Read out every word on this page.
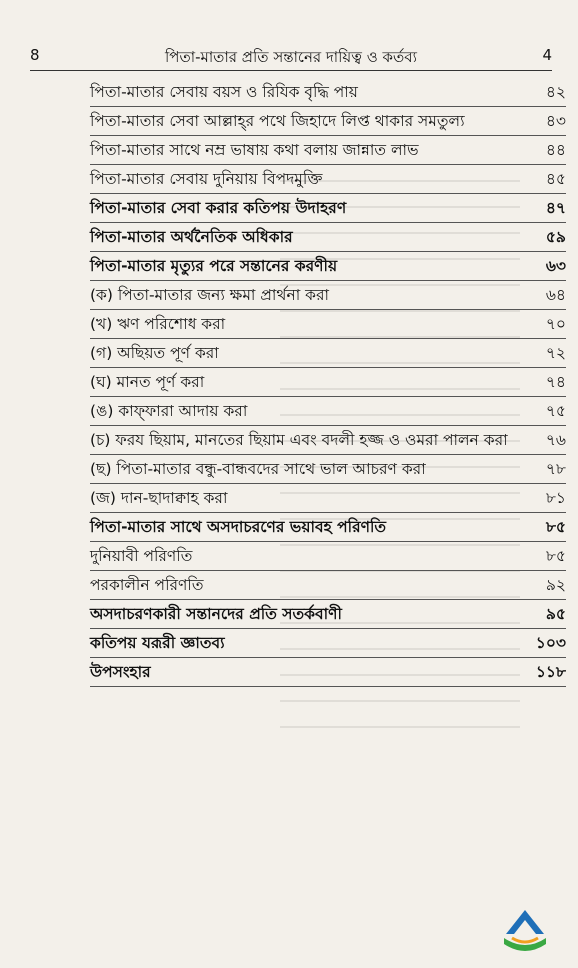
8	পিতা-মাতার প্রতি সন্তানের দায়িত্ব ও কর্তব্য	4
পিতা-মাতার সেবায় বয়স ও রিযিক বৃদ্ধি পায়	৪২
পিতা-মাতার সেবা আল্লাহ্‌র পথে জিহাদে লিপ্ত থাকার সমতুল্য	৪৩
পিতা-মাতার সাথে নম্র ভাষায় কথা বলায় জান্নাত লাভ	৪৪
পিতা-মাতার সেবায় দুনিয়ায় বিপদমুক্তি	৪৫
পিতা-মাতার সেবা করার কতিপয় উদাহরণ	৪৭
পিতা-মাতার অর্থনৈতিক অধিকার	৫৯
পিতা-মাতার মৃত্যুর পরে সন্তানের করণীয়	৬৩
(ক) পিতা-মাতার জন্য ক্ষমা প্রার্থনা করা	৬৪
(খ) ঋণ পরিশোধ করা	৭০
(গ) অছিয়ত পূর্ণ করা	৭২
(ঘ) মানত পূর্ণ করা	৭৪
(ঙ) কাফ্‌ফারা আদায় করা	৭৫
(চ) ফরয ছিয়াম, মানতের ছিয়াম এবং বদলী হজ্জ ও ওমরা পালন করা	৭৬
(ছ) পিতা-মাতার বন্ধু-বান্ধবদের সাথে ভাল আচরণ করা	৭৮
(জ) দান-ছাদাক্বাহ করা	৮১
পিতা-মাতার সাথে অসদাচরণের ভয়াবহ পরিণতি	৮৫
দুনিয়াবী পরিণতি	৮৫
পরকালীন পরিণতি	৯২
অসদাচরণকারী সন্তানদের প্রতি সতর্কবাণী	৯৫
কতিপয় যরূরী জ্ঞাতব্য	১০৩
উপসংহার	১১৮
